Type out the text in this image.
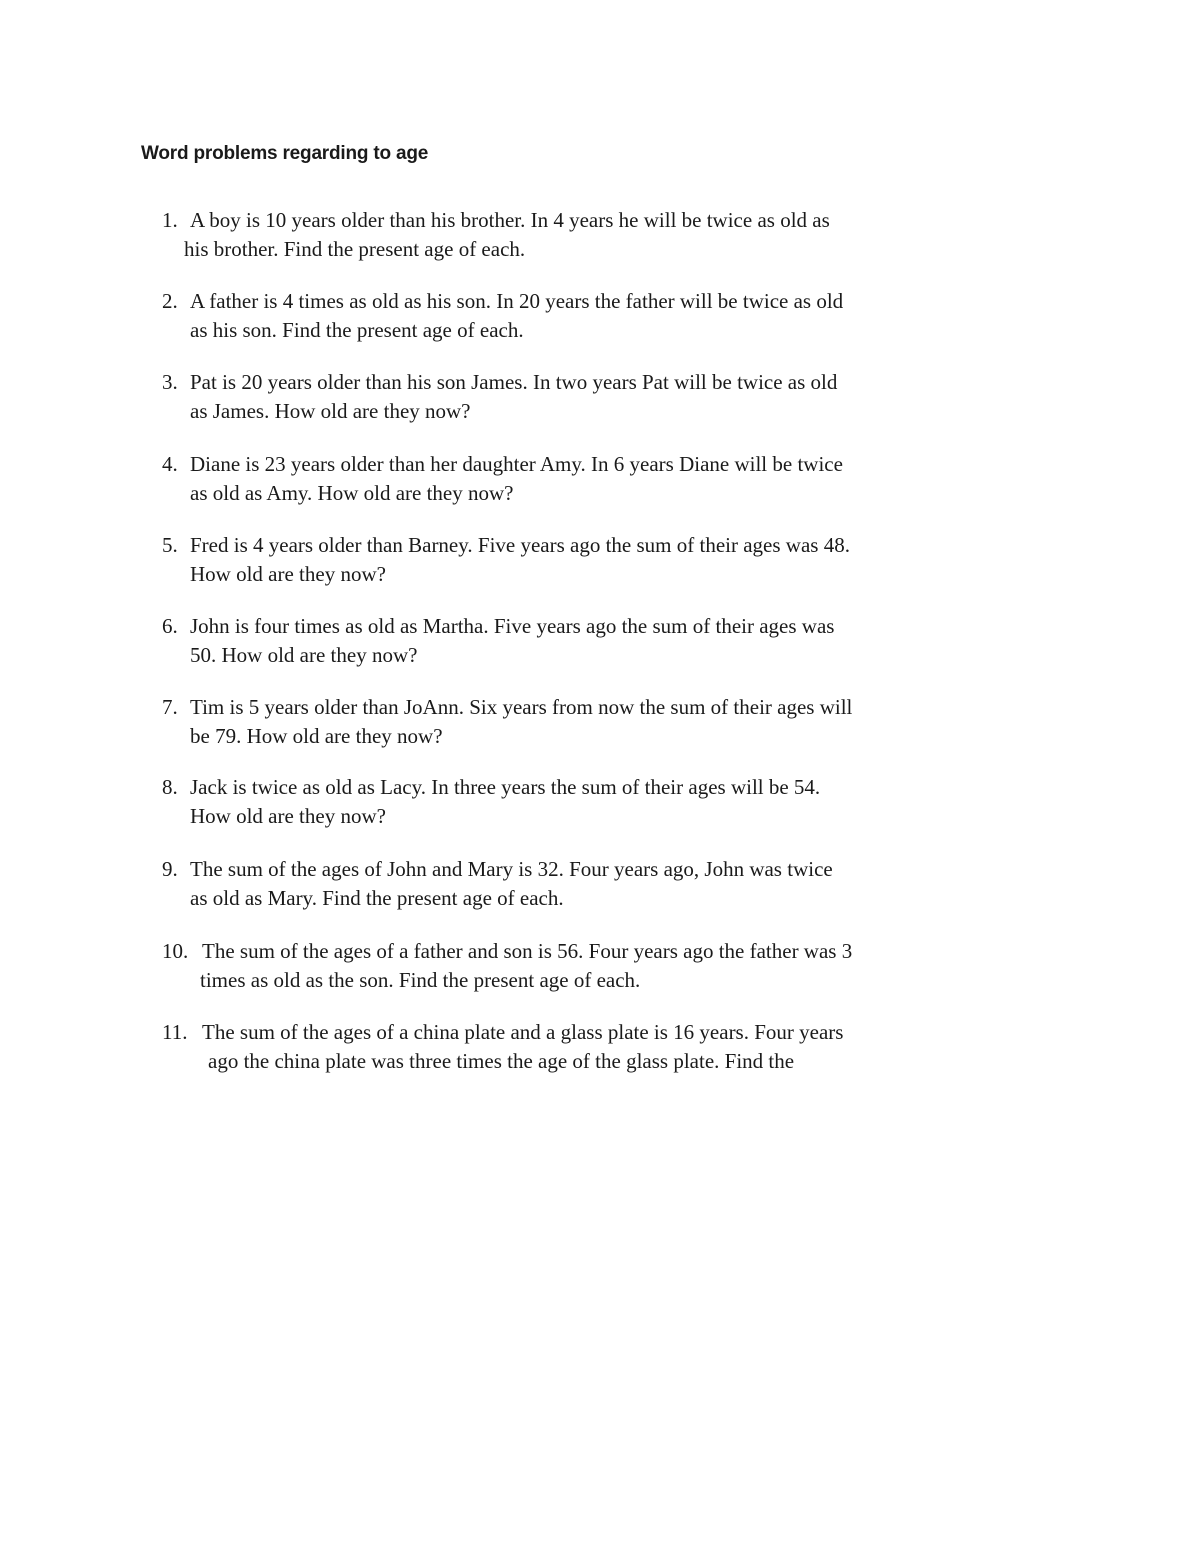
Word problems regarding to age
1. A boy is 10 years older than his brother. In 4 years he will be twice as old as
his brother. Find the present age of each.
2. A father is 4 times as old as his son. In 20 years the father will be twice as old
as his son. Find the present age of each.
3. Pat is 20 years older than his son James. In two years Pat will be twice as old
as James. How old are they now?
4. Diane is 23 years older than her daughter Amy. In 6 years Diane will be twice
as old as Amy. How old are they now?
5. Fred is 4 years older than Barney. Five years ago the sum of their ages was 48.
How old are they now?
6. John is four times as old as Martha. Five years ago the sum of their ages was
50. How old are they now?
7. Tim is 5 years older than JoAnn. Six years from now the sum of their ages will
be 79. How old are they now?
8. Jack is twice as old as Lacy. In three years the sum of their ages will be 54.
How old are they now?
9. The sum of the ages of John and Mary is 32. Four years ago, John was twice
as old as Mary. Find the present age of each.
10. The sum of the ages of a father and son is 56. Four years ago the father was 3
times as old as the son. Find the present age of each.
11. The sum of the ages of a china plate and a glass plate is 16 years. Four years
ago the china plate was three times the age of the glass plate. Find the
